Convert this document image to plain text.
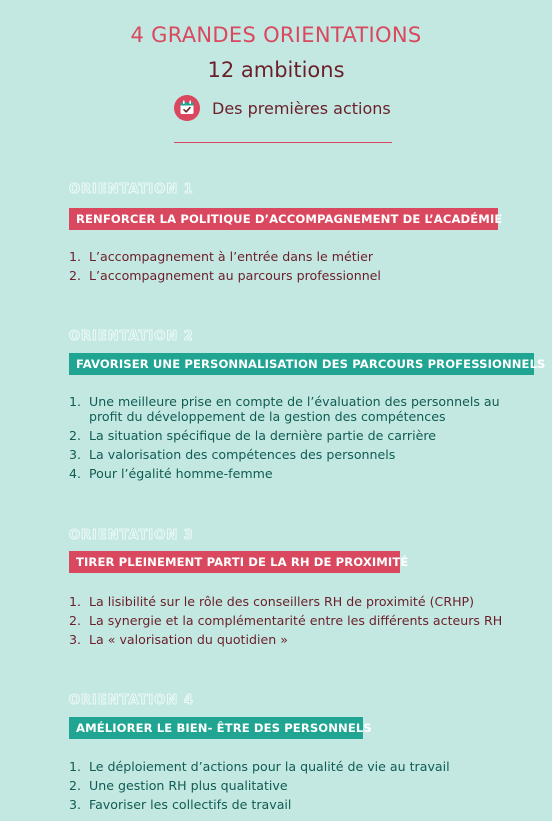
4 GRANDES ORIENTATIONS
12 ambitions
Des premières actions
ORIENTATION 1
RENFORCER LA POLITIQUE D’ACCOMPAGNEMENT DE L’ACADÉMIE
1. L’accompagnement à l’entrée dans le métier
2. L’accompagnement au parcours professionnel
ORIENTATION 2
FAVORISER UNE PERSONNALISATION DES PARCOURS PROFESSIONNELS
1. Une meilleure prise en compte de l’évaluation des personnels au profit du développement de la gestion des compétences
2. La situation spécifique de la dernière partie de carrière
3. La valorisation des compétences des personnels
4. Pour l’égalité homme-femme
ORIENTATION 3
TIRER PLEINEMENT PARTI DE LA RH DE PROXIMITÉ
1. La lisibilité sur le rôle des conseillers RH de proximité (CRHP)
2. La synergie et la complémentarité entre les différents acteurs RH
3. La « valorisation du quotidien »
ORIENTATION 4
AMÉLIORER LE BIEN- ÊTRE DES PERSONNELS
1. Le déploiement d’actions pour la qualité de vie au travail
2. Une gestion RH plus qualitative
3. Favoriser les collectifs de travail
